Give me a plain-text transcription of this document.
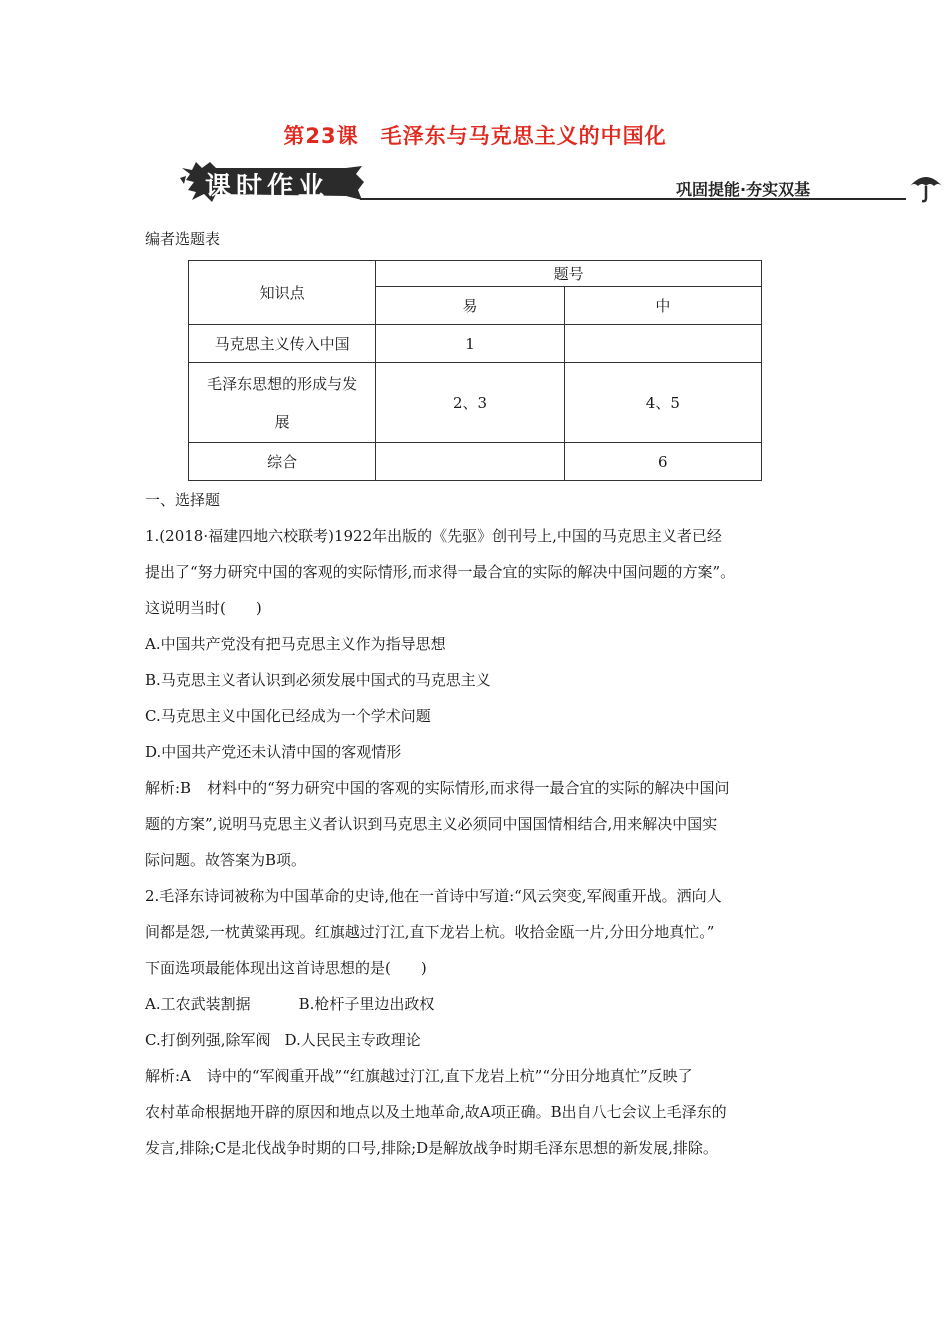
第23课 毛泽东与马克思主义的中国化
课时作业	巩固提能·夯实双基
编者选题表
知识点	题号	
	易	中
马克思主义传入中国	1	

毛泽东思想的形成与发
展	2、3	4、5
综合		6

一、选择题

1.(2018·福建四地六校联考)1922年出版的《先驱》创刊号上,中国的马克思主义者已经

提出了“努力研究中国的客观的实际情形,而求得一最合宜的实际的解决中国问题的方案”。

这说明当时(　　)

A.中国共产党没有把马克思主义作为指导思想

B.马克思主义者认识到必须发展中国式的马克思主义

C.马克思主义中国化已经成为一个学术问题

D.中国共产党还未认清中国的客观情形

解析:B 材料中的“努力研究中国的客观的实际情形,而求得一最合宜的实际的解决中国问

题的方案”,说明马克思主义者认识到马克思主义必须同中国国情相结合,用来解决中国实

际问题。故答案为B项。

2.毛泽东诗词被称为中国革命的史诗,他在一首诗中写道:“风云突变,军阀重开战。洒向人

间都是怨,一枕黄粱再现。红旗越过汀江,直下龙岩上杭。收拾金瓯一片,分田分地真忙。”

下面选项最能体现出这首诗思想的是(　　)

A.工农武装割据	B.枪杆子里边出政权

C.打倒列强,除军阀 D.人民民主专政理论

解析:A 诗中的“军阀重开战”“红旗越过汀江,直下龙岩上杭”“分田分地真忙”反映了

农村革命根据地开辟的原因和地点以及土地革命,故A项正确。B出自八七会议上毛泽东的

发言,排除;C是北伐战争时期的口号,排除;D是解放战争时期毛泽东思想的新发展,排除。
